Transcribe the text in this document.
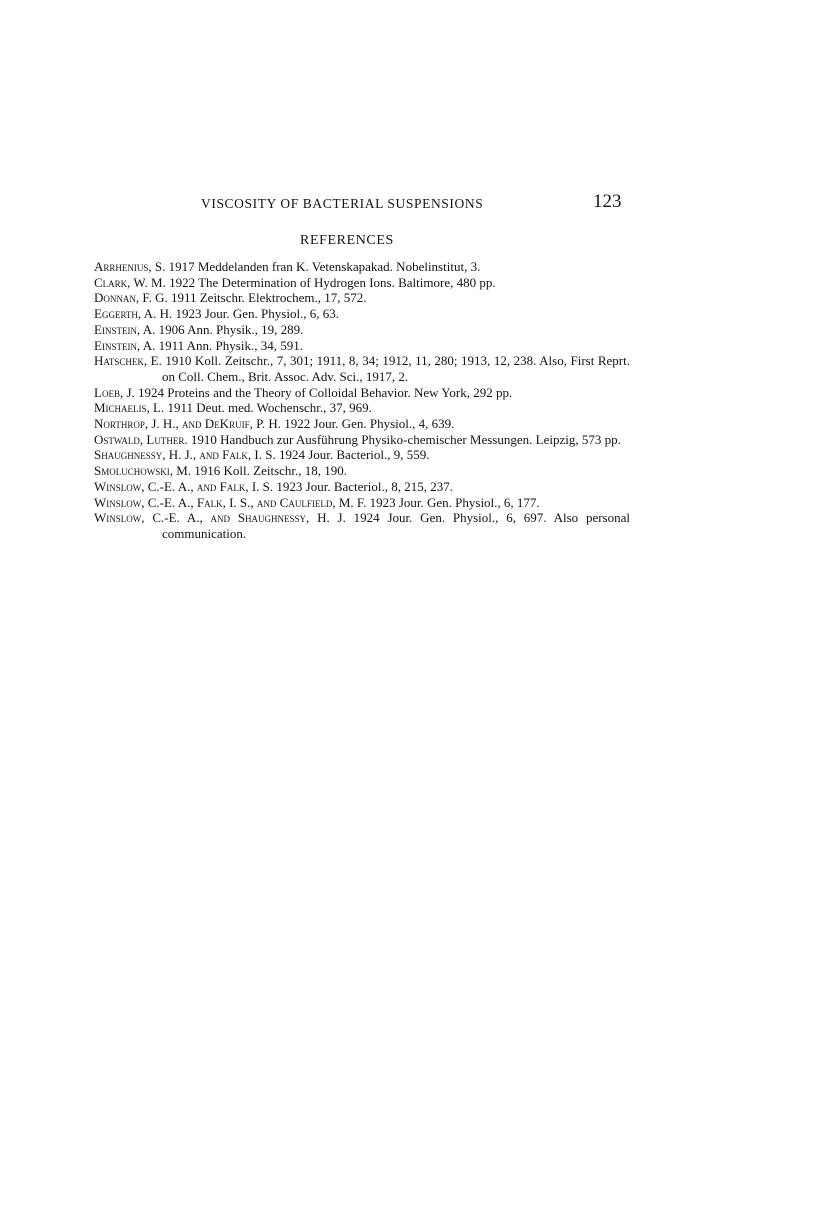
VISCOSITY OF BACTERIAL SUSPENSIONS	123
REFERENCES
Arrhenius, S. 1917 Meddelanden fran K. Vetenskapakad. Nobelinstitut, 3.
Clark, W. M. 1922 The Determination of Hydrogen Ions. Baltimore, 480 pp.
Donnan, F. G. 1911 Zeitschr. Elektrochem., 17, 572.
Eggerth, A. H. 1923 Jour. Gen. Physiol., 6, 63.
Einstein, A. 1906 Ann. Physik., 19, 289.
Einstein, A. 1911 Ann. Physik., 34, 591.
Hatschek, E. 1910 Koll. Zeitschr., 7, 301; 1911, 8, 34; 1912, 11, 280; 1913, 12, 238. Also, First Reprt. on Coll. Chem., Brit. Assoc. Adv. Sci., 1917, 2.
Loeb, J. 1924 Proteins and the Theory of Colloidal Behavior. New York, 292 pp.
Michaelis, L. 1911 Deut. med. Wochenschr., 37, 969.
Northrop, J. H., and DeKruif, P. H. 1922 Jour. Gen. Physiol., 4, 639.
Ostwald, Luther. 1910 Handbuch zur Ausführung Physiko-chemischer Messungen. Leipzig, 573 pp.
Shaughnessy, H. J., and Falk, I. S. 1924 Jour. Bacteriol., 9, 559.
Smoluchowski, M. 1916 Koll. Zeitschr., 18, 190.
Winslow, C.-E. A., and Falk, I. S. 1923 Jour. Bacteriol., 8, 215, 237.
Winslow, C.-E. A., Falk, I. S., and Caulfield, M. F. 1923 Jour. Gen. Physiol., 6, 177.
Winslow, C.-E. A., and Shaughnessy, H. J. 1924 Jour. Gen. Physiol., 6, 697. Also personal communication.
